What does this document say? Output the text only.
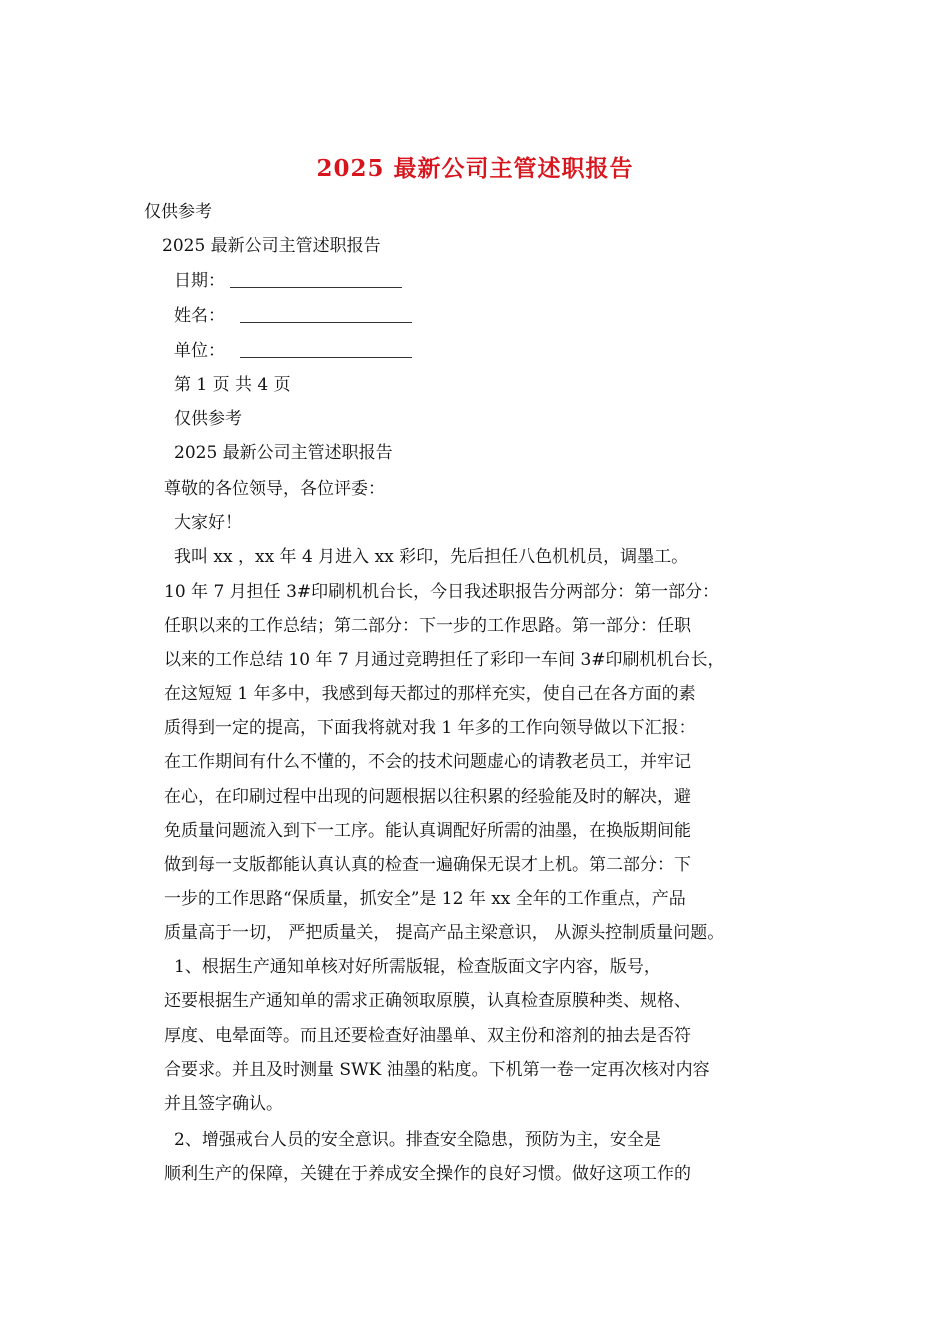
2025 最新公司主管述职报告
仅供参考
2025 最新公司主管述职报告
日期：
姓名：
单位：
第 1 页 共 4 页
仅供参考
2025 最新公司主管述职报告
尊敬的各位领导，各位评委：
大家好！
我叫 xx ，xx 年 4 月进入 xx 彩印，先后担任八色机机员，调墨工。
10 年 7 月担任 3#印刷机机台长，今日我述职报告分两部分：第一部分：
任职以来的工作总结；第二部分：下一步的工作思路。第一部分：任职
以来的工作总结 10 年 7 月通过竞聘担任了彩印一车间 3#印刷机机台长，
在这短短 1 年多中，我感到每天都过的那样充实，使自己在各方面的素
质得到一定的提高，下面我将就对我 1 年多的工作向领导做以下汇报：
在工作期间有什么不懂的，不会的技术问题虚心的请教老员工，并牢记
在心，在印刷过程中出现的问题根据以往积累的经验能及时的解决，避
免质量问题流入到下一工序。能认真调配好所需的油墨，在换版期间能
做到每一支版都能认真认真的检查一遍确保无误才上机。第二部分：下
一步的工作思路“保质量，抓安全”是 12 年 xx 全年的工作重点，产品
质量高于一切， 严把质量关， 提高产品主梁意识， 从源头控制质量问题。
1、根据生产通知单核对好所需版辊，检查版面文字内容，版号，
还要根据生产通知单的需求正确领取原膜，认真检查原膜种类、规格、
厚度、电晕面等。而且还要检查好油墨单、双主份和溶剂的抽去是否符
合要求。并且及时测量 SWK 油墨的粘度。下机第一卷一定再次核对内容
并且签字确认。
2、增强戒台人员的安全意识。排查安全隐患，预防为主，安全是
顺利生产的保障，关键在于养成安全操作的良好习惯。做好这项工作的
